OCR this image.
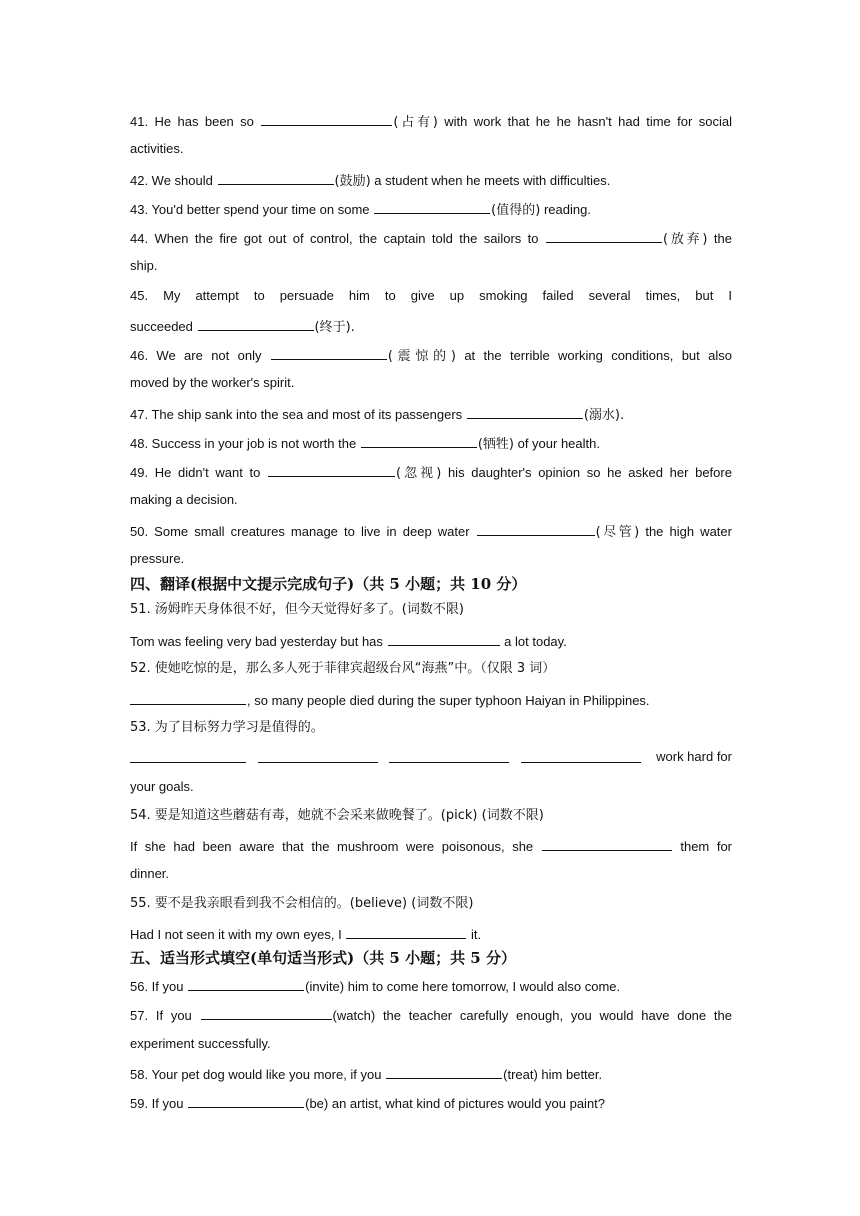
41. He has been so	(占有) with work that he he hasn't had time for social
activities.
42. We should	(鼓励) a student when he meets with difficulties.
43. You'd better spend your time on some	(值得的) reading.
44. When the fire got out of control, the captain told the sailors to	(放弃) the
ship.
45. My attempt to persuade him to give up smoking failed several times, but I
succeeded	(终于).
46. We are not only	(震惊的) at the terrible working conditions, but also
moved by the worker's spirit.
47. The ship sank into the sea and most of its passengers	(溺水).
48. Success in your job is not worth the	(牺牲) of your health.
49. He didn't want to	(忽视) his daughter's opinion so he asked her before
making a decision.
50. Some small creatures manage to live in deep water	(尽管) the high water
pressure.
四、翻译(根据中文提示完成句子)（共 5 小题；共 10 分）
51. 汤姆昨天身体很不好，但今天觉得好多了。(词数不限)
Tom was feeling very bad yesterday but has	a lot today.
52. 使她吃惊的是，那么多人死于菲律宾超级台风“海燕”中。（仅限 3 词）
, so many people died during the super typhoon Haiyan in Philippines.
53. 为了目标努力学习是值得的。

work hard for
your goals.
54. 要是知道这些蘑菇有毒，她就不会采来做晚餐了。(pick) (词数不限)
If she had been aware that the mushroom were poisonous, she	them for
dinner.
55. 要不是我亲眼看到我不会相信的。(believe) (词数不限)
Had I not seen it with my own eyes, I	it.
五、适当形式填空(单句适当形式)（共 5 小题；共 5 分）
56. If you	(invite) him to come here tomorrow, I would also come.
57. If you	(watch) the teacher carefully enough, you would have done the
experiment successfully.
58. Your pet dog would like you more, if you	(treat) him better.
59. If you	(be) an artist, what kind of pictures would you paint?
